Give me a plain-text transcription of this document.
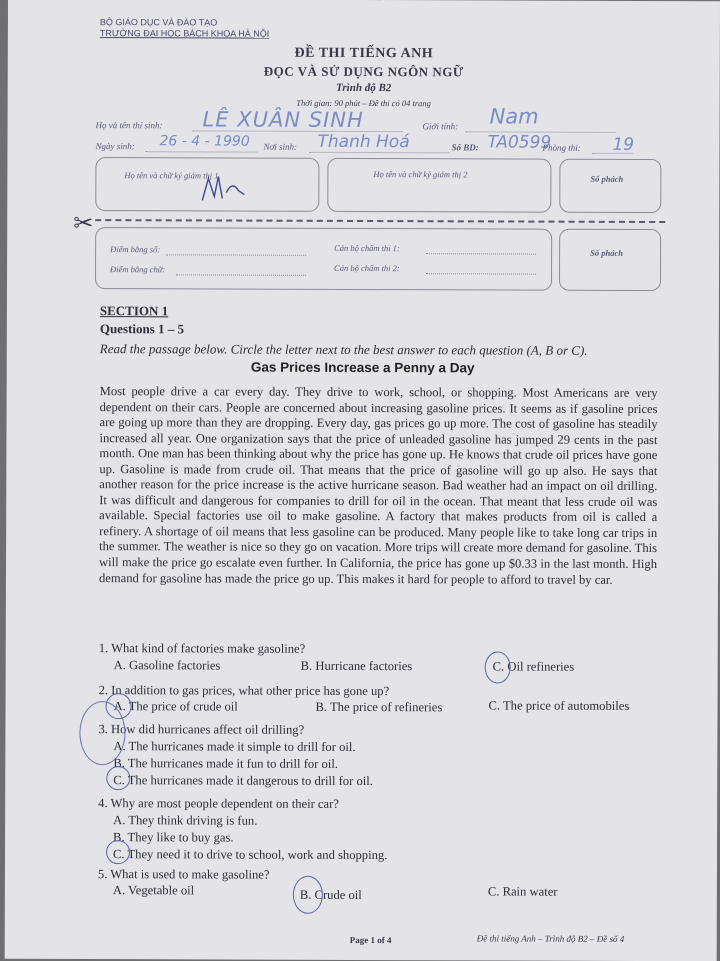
BỘ GIÁO DỤC VÀ ĐÀO TẠO
TRƯỜNG ĐẠI HỌC BÁCH KHOA HÀ NỘI
ĐỀ THI TIẾNG ANH
ĐỌC VÀ SỬ DỤNG NGÔN NGỮ
Trình độ B2
Thời gian: 90 phút – Đề thi có 04 trang
Họ và tên thí sinh: LÊ XUÂN SINH	Giới tính: Nam
Ngày sinh: 26 - 4 - 1990 Nơi sinh: Thanh Hoá	Số BD: TA0599
Phòng thi: 19
Họ tên và chữ ký giám thị 1	Họ tên và chữ ký giám thị 2	Số phách
✂
Điểm bằng số:
Điểm bằng chữ:
Cán bộ chấm thi 1:
Cán bộ chấm thi 2:
Số phách
SECTION 1
Questions 1 – 5
Read the passage below. Circle the letter next to the best answer to each question (A, B or C).
Gas Prices Increase a Penny a Day
Most people drive a car every day. They drive to work, school, or shopping. Most Americans are very dependent on their cars. People are concerned about increasing gasoline prices. It seems as if gasoline prices are going up more than they are dropping. Every day, gas prices go up more. The cost of gasoline has steadily increased all year. One organization says that the price of unleaded gasoline has jumped 29 cents in the past month. One man has been thinking about why the price has gone up. He knows that crude oil prices have gone up. Gasoline is made from crude oil. That means that the price of gasoline will go up also. He says that another reason for the price increase is the active hurricane season. Bad weather had an impact on oil drilling. It was difficult and dangerous for companies to drill for oil in the ocean. That meant that less crude oil was available. Special factories use oil to make gasoline. A factory that makes products from oil is called a refinery. A shortage of oil means that less gasoline can be produced. Many people like to take long car trips in the summer. The weather is nice so they go on vacation. More trips will create more demand for gasoline. This will make the price go escalate even further. In California, the price has gone up $0.33 in the last month. High demand for gasoline has made the price go up. This makes it hard for people to afford to travel by car.
1. What kind of factories make gasoline?
A. Gasoline factories	B. Hurricane factories	C. Oil refineries
2. In addition to gas prices, what other price has gone up?
A. The price of crude oil	B. The price of refineries	C. The price of automobiles
3. How did hurricanes affect oil drilling?
A. The hurricanes made it simple to drill for oil.
B. The hurricanes made it fun to drill for oil.
C. The hurricanes made it dangerous to drill for oil.
4. Why are most people dependent on their car?
A. They think driving is fun.
B. They like to buy gas.
C. They need it to drive to school, work and shopping.
5. What is used to make gasoline?
A. Vegetable oil	B. Crude oil	C. Rain water
Page 1 of 4	Đề thi tiếng Anh – Trình độ B2 – Đề số 4
